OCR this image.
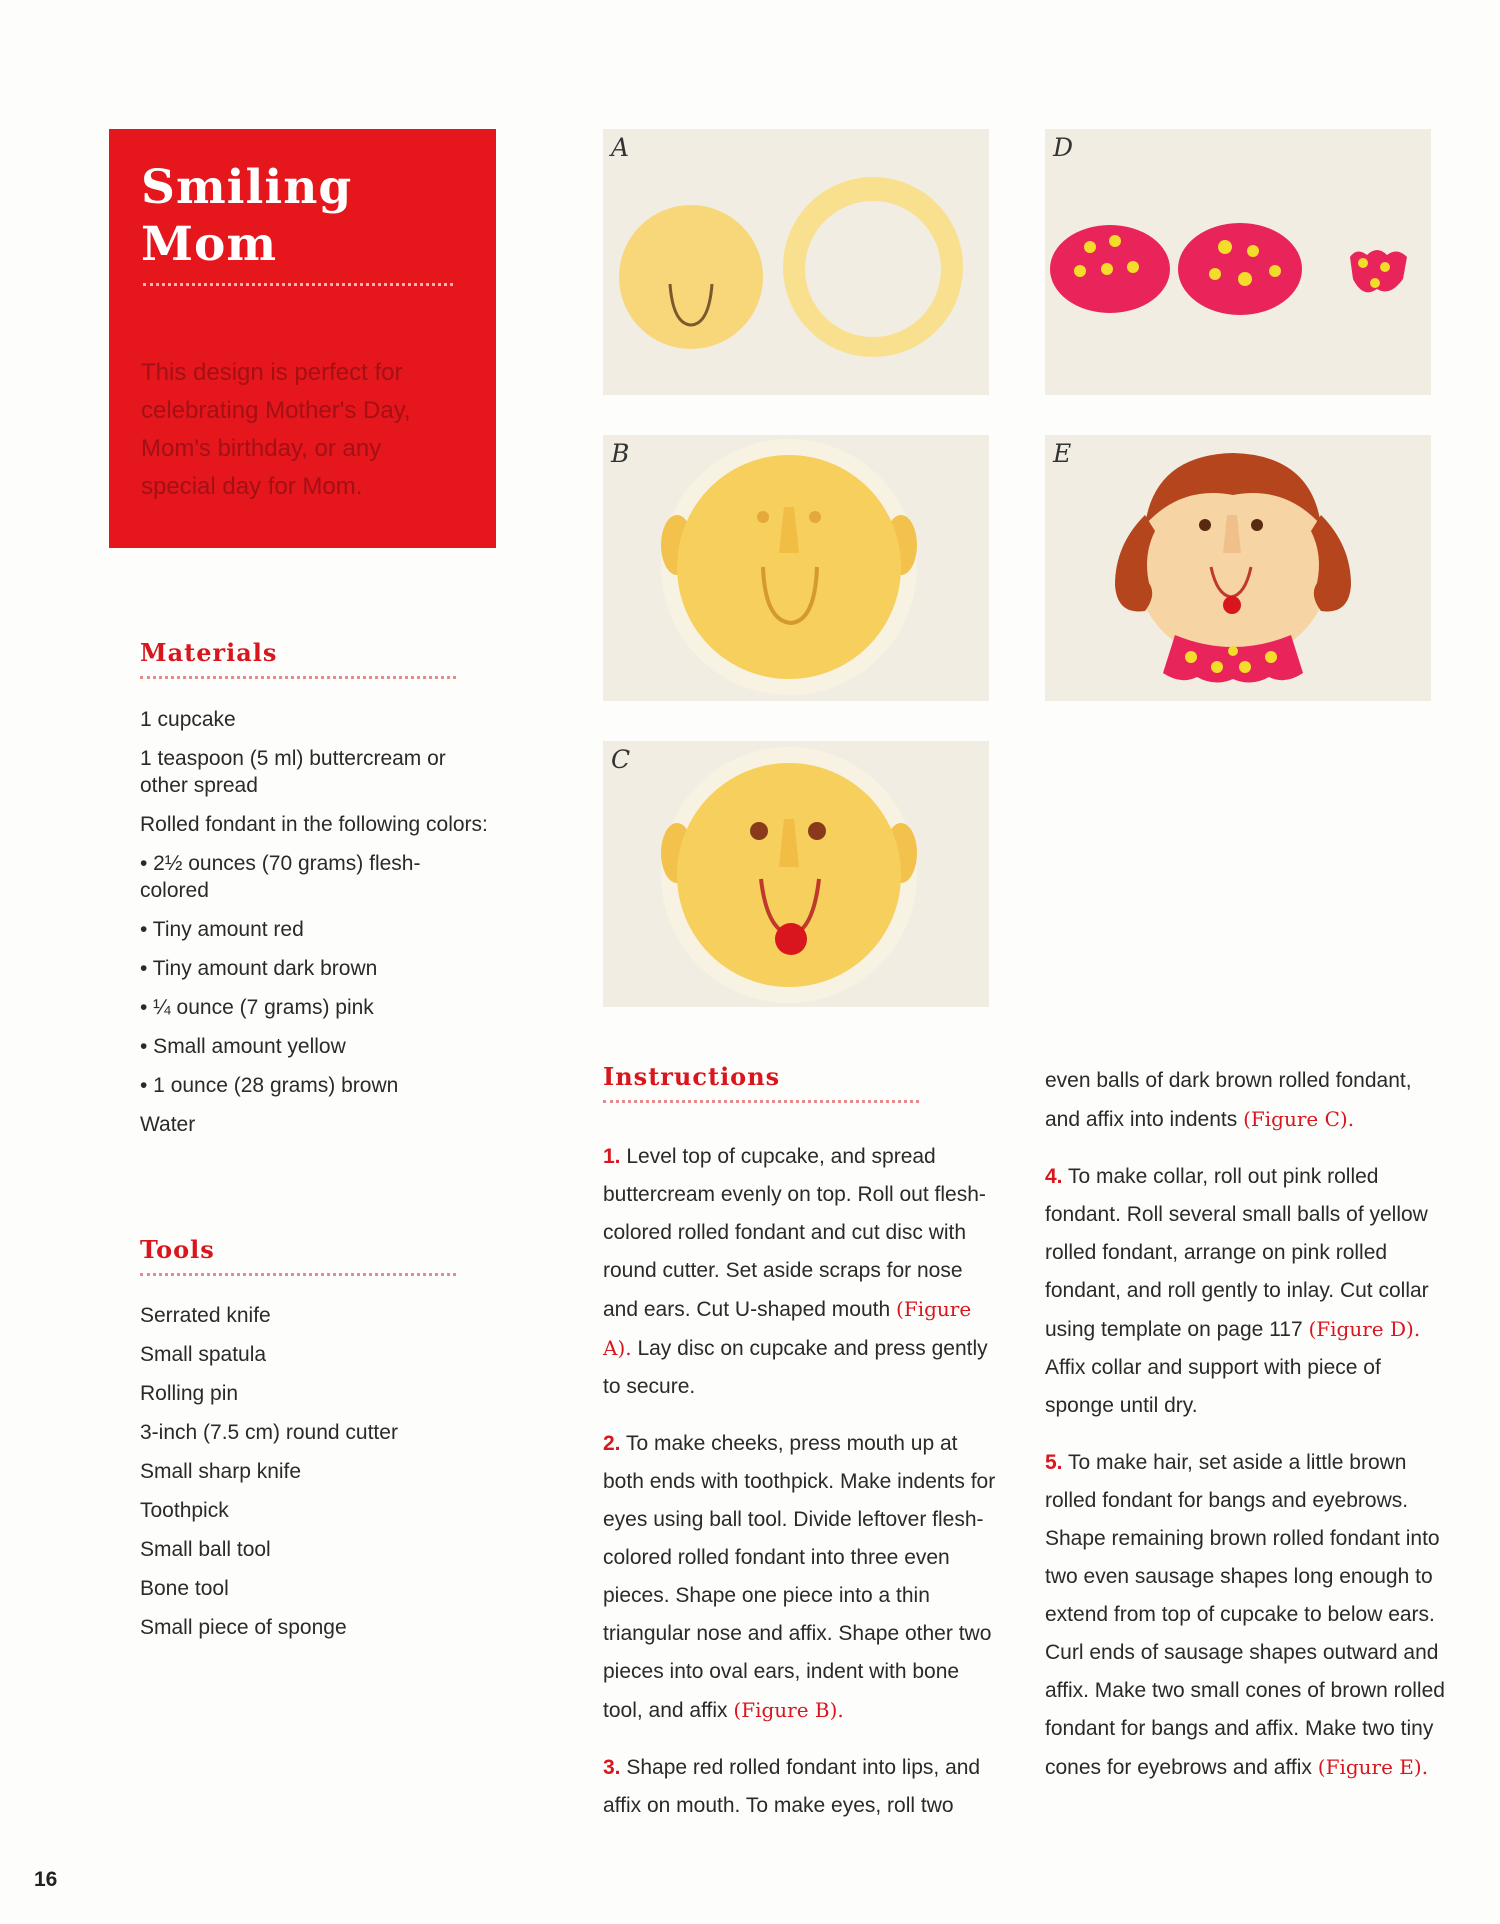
Smiling Mom
This design is perfect for celebrating Mother's Day, Mom's birthday, or any special day for Mom.
Materials
1 cupcake
1 teaspoon (5 ml) buttercream or other spread
Rolled fondant in the following colors:
• 2½ ounces (70 grams) flesh-colored
• Tiny amount red
• Tiny amount dark brown
• ¼ ounce (7 grams) pink
• Small amount yellow
• 1 ounce (28 grams) brown
Water
Tools
Serrated knife
Small spatula
Rolling pin
3-inch (7.5 cm) round cutter
Small sharp knife
Toothpick
Small ball tool
Bone tool
Small piece of sponge
A	D
B	E
C
Instructions

1. Level top of cupcake, and spread buttercream evenly on top. Roll out flesh-colored rolled fondant and cut disc with round cutter. Set aside scraps for nose and ears. Cut U-shaped mouth (Figure A). Lay disc on cupcake and press gently to secure.

2. To make cheeks, press mouth up at both ends with toothpick. Make indents for eyes using ball tool. Divide leftover flesh-colored rolled fondant into three even pieces. Shape one piece into a thin triangular nose and affix. Shape other two pieces into oval ears, indent with bone tool, and affix (Figure B).

3. Shape red rolled fondant into lips, and affix on mouth. To make eyes, roll two

even balls of dark brown rolled fondant, and affix into indents (Figure C).

4. To make collar, roll out pink rolled fondant. Roll several small balls of yellow rolled fondant, arrange on pink rolled fondant, and roll gently to inlay. Cut collar using template on page 117 (Figure D). Affix collar and support with piece of sponge until dry.

5. To make hair, set aside a little brown rolled fondant for bangs and eyebrows. Shape remaining brown rolled fondant into two even sausage shapes long enough to extend from top of cupcake to below ears. Curl ends of sausage shapes outward and affix. Make two small cones of brown rolled fondant for bangs and affix. Make two tiny cones for eyebrows and affix (Figure E).

16
